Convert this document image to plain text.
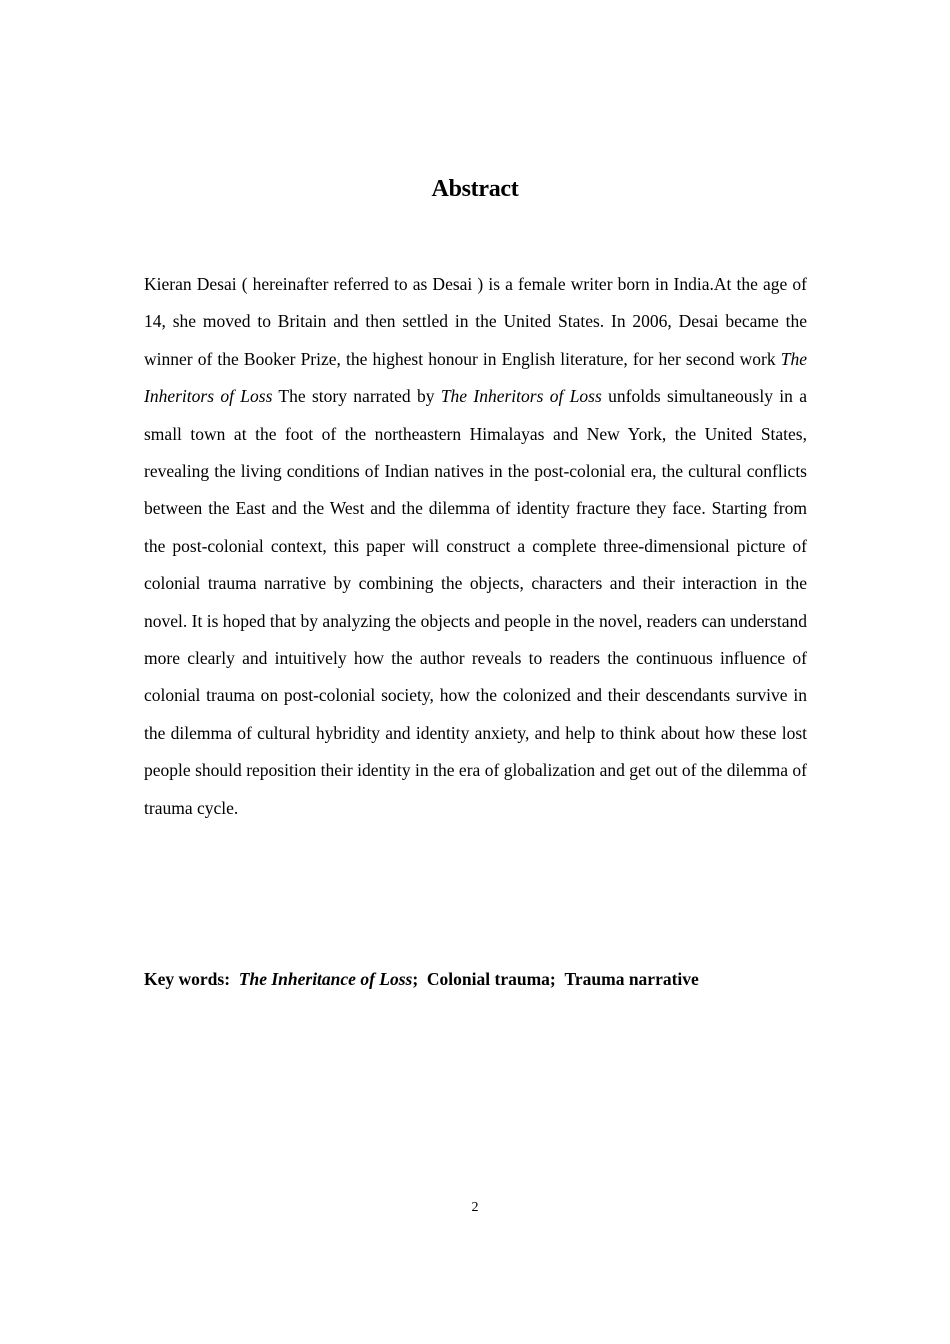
Abstract

Kieran Desai ( hereinafter referred to as Desai ) is a female writer born in India.At the age of 14, she moved to Britain and then settled in the United States. In 2006, Desai became the winner of the Booker Prize, the highest honour in English literature, for her second work The Inheritors of Loss The story narrated by The Inheritors of Loss unfolds simultaneously in a small town at the foot of the northeastern Himalayas and New York, the United States, revealing the living conditions of Indian natives in the post-colonial era, the cultural conflicts between the East and the West and the dilemma of identity fracture they face. Starting from the post-colonial context, this paper will construct a complete three-dimensional picture of colonial trauma narrative by combining the objects, characters and their interaction in the novel. It is hoped that by analyzing the objects and people in the novel, readers can understand more clearly and intuitively how the author reveals to readers the continuous influence of colonial trauma on post-colonial society, how the colonized and their descendants survive in the dilemma of cultural hybridity and identity anxiety, and help to think about how these lost people should reposition their identity in the era of globalization and get out of the dilemma of trauma cycle.

Key words: The Inheritance of Loss; Colonial trauma; Trauma narrative

2
